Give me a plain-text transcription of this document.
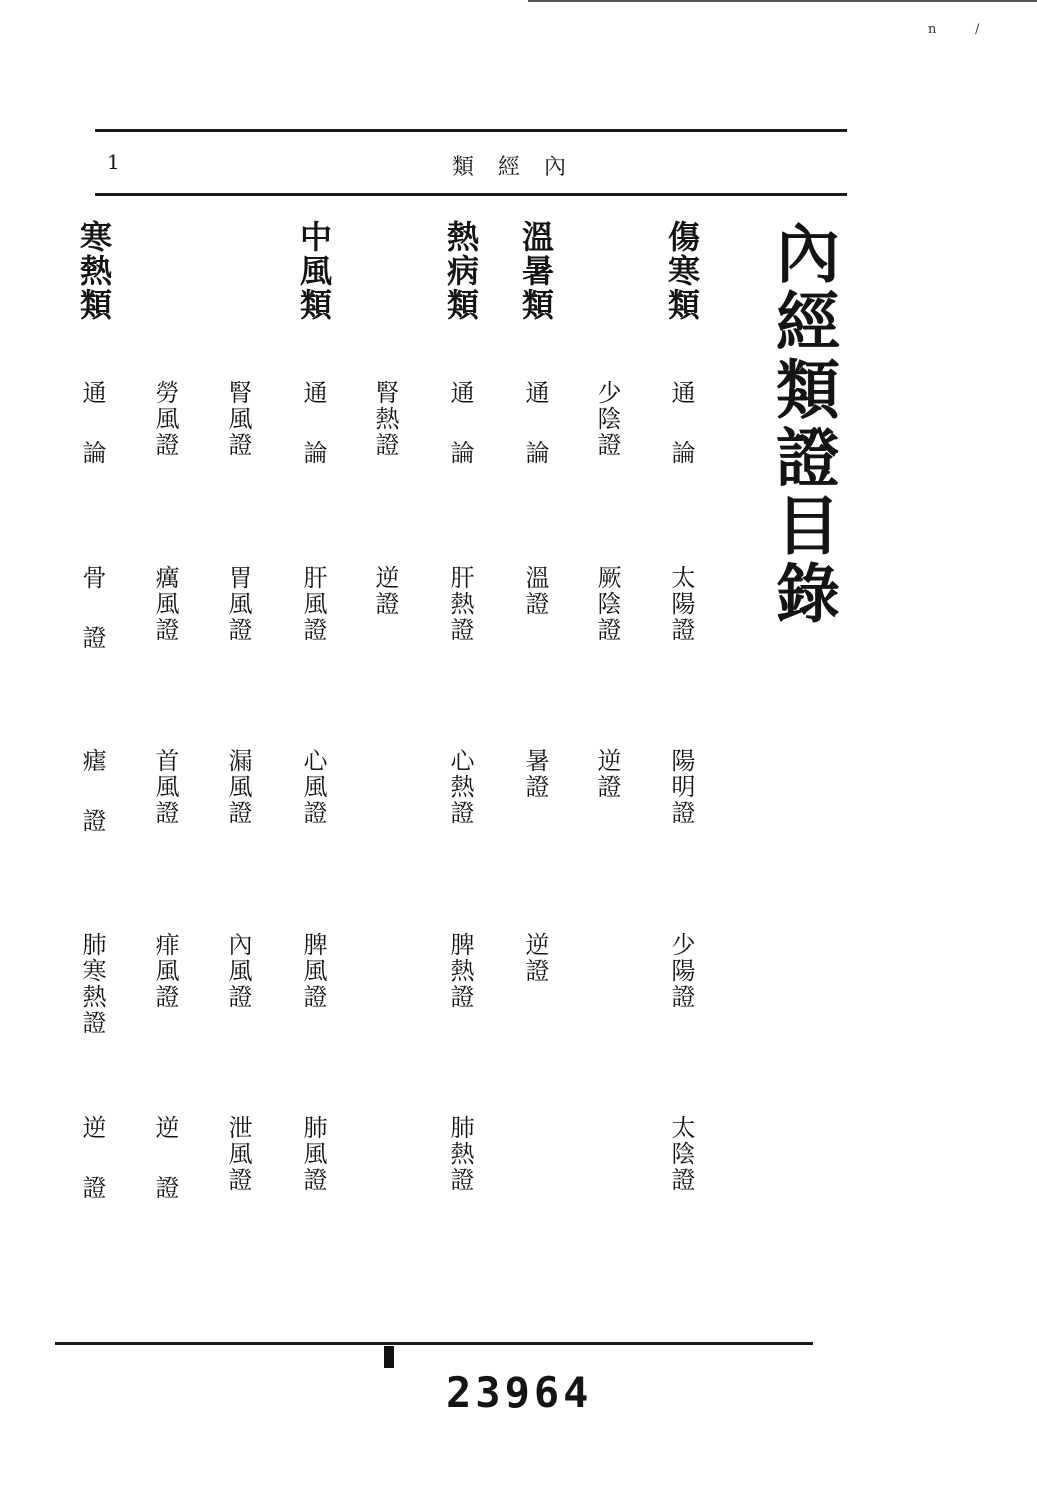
n	/
1	類經內
內經類證目錄
傷寒類
通論
太陽證
陽明證
少陽證
太陰證
少陰證
厥陰證
逆證
溫暑類
通論
溫證
暑證
逆證
熱病類
通論
肝熱證
心熱證
脾熱證
肺熱證
腎熱證
逆證
中風類
通論
肝風證
心風證
脾風證
肺風證
腎風證
胃風證
漏風證
內風證
泄風證
勞風證
癘風證
首風證
痱風證
逆證
寒熱類
通論
骨證
瘧證
肺寒熱證
逆證
23964
